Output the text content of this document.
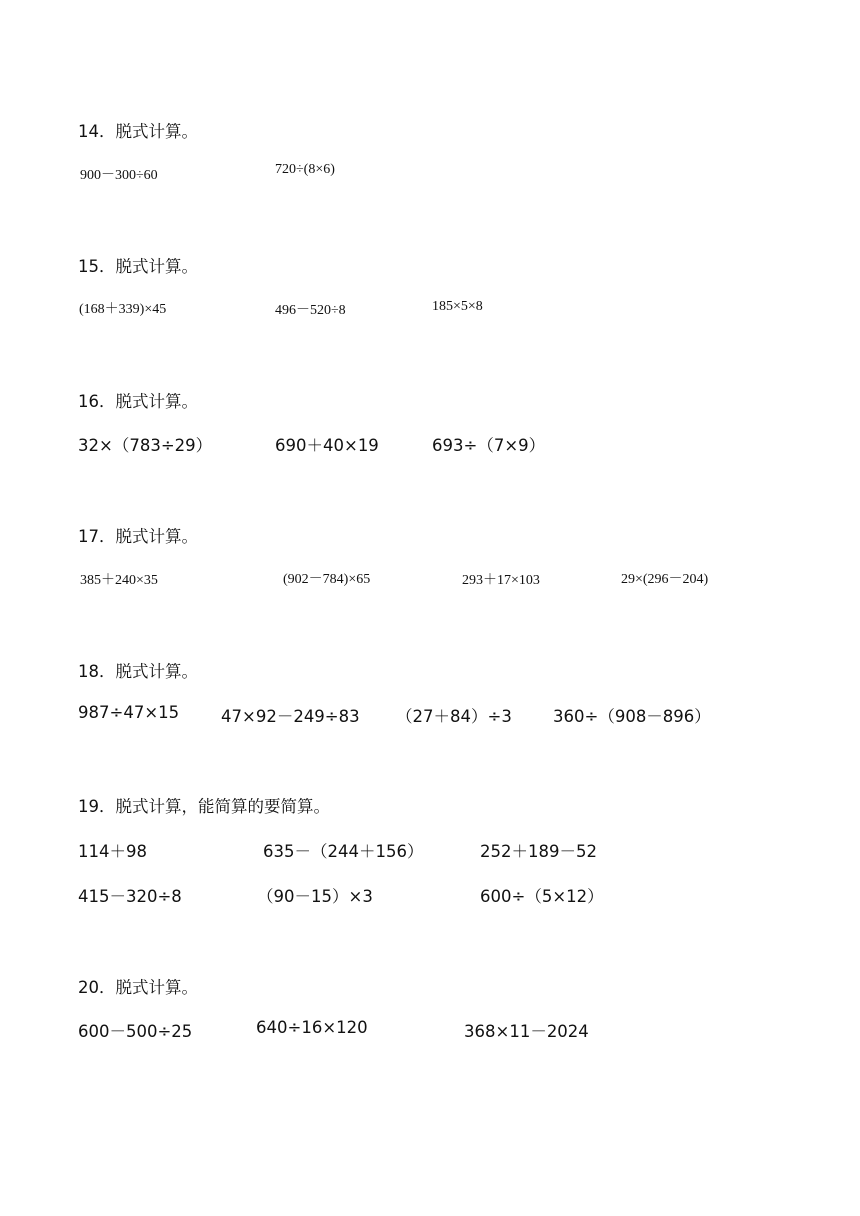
14．脱式计算。
900－300÷60	720÷(8×6)
15．脱式计算。
(168＋339)×45	496－520÷8	185×5×8
16．脱式计算。
32×（783÷29）	690＋40×19	693÷（7×9）
17．脱式计算。
385＋240×35	(902－784)×65	293＋17×103	29×(296－204)
18．脱式计算。
987÷47×15	47×92－249÷83 （27＋84）÷3 360÷（908－896）
19．脱式计算，能简算的要简算。
114＋98	635－（244＋156）	252＋189－52
415－320÷8	（90－15）×3	600÷（5×12）
20．脱式计算。
600－500÷25	640÷16×120	368×11－2024
